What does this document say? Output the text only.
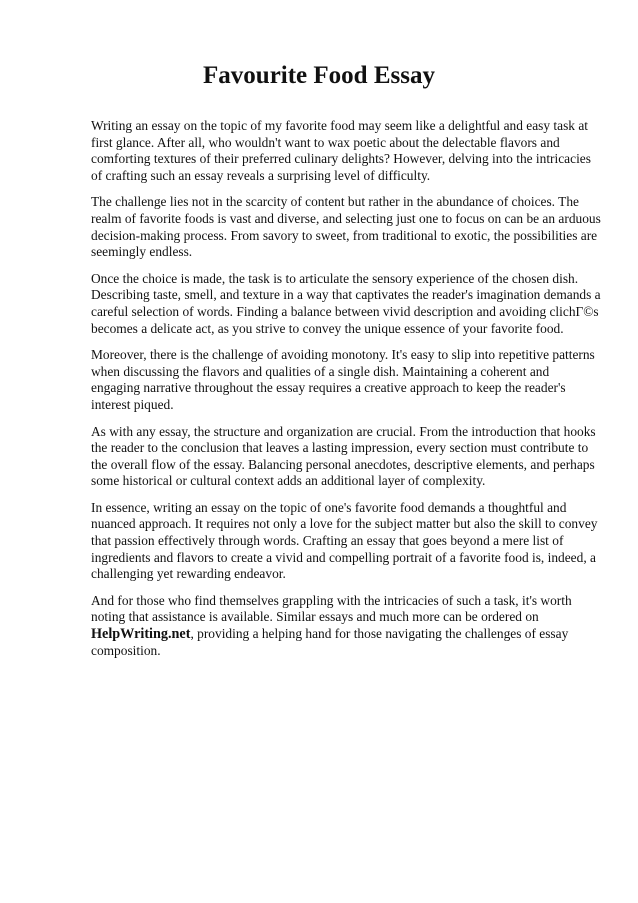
Favourite Food Essay

Writing an essay on the topic of my favorite food may seem like a delightful and easy task at first glance. After all, who wouldn't want to wax poetic about the delectable flavors and comforting textures of their preferred culinary delights? However, delving into the intricacies of crafting such an essay reveals a surprising level of difficulty.

The challenge lies not in the scarcity of content but rather in the abundance of choices. The realm of favorite foods is vast and diverse, and selecting just one to focus on can be an arduous decision-making process. From savory to sweet, from traditional to exotic, the possibilities are seemingly endless.

Once the choice is made, the task is to articulate the sensory experience of the chosen dish. Describing taste, smell, and texture in a way that captivates the reader's imagination demands a careful selection of words. Finding a balance between vivid description and avoiding clichΓ©s becomes a delicate act, as you strive to convey the unique essence of your favorite food.

Moreover, there is the challenge of avoiding monotony. It's easy to slip into repetitive patterns when discussing the flavors and qualities of a single dish. Maintaining a coherent and engaging narrative throughout the essay requires a creative approach to keep the reader's interest piqued.

As with any essay, the structure and organization are crucial. From the introduction that hooks the reader to the conclusion that leaves a lasting impression, every section must contribute to the overall flow of the essay. Balancing personal anecdotes, descriptive elements, and perhaps some historical or cultural context adds an additional layer of complexity.

In essence, writing an essay on the topic of one's favorite food demands a thoughtful and nuanced approach. It requires not only a love for the subject matter but also the skill to convey that passion effectively through words. Crafting an essay that goes beyond a mere list of ingredients and flavors to create a vivid and compelling portrait of a favorite food is, indeed, a challenging yet rewarding endeavor.

And for those who find themselves grappling with the intricacies of such a task, it's worth noting that assistance is available. Similar essays and much more can be ordered on HelpWriting.net, providing a helping hand for those navigating the challenges of essay composition.
